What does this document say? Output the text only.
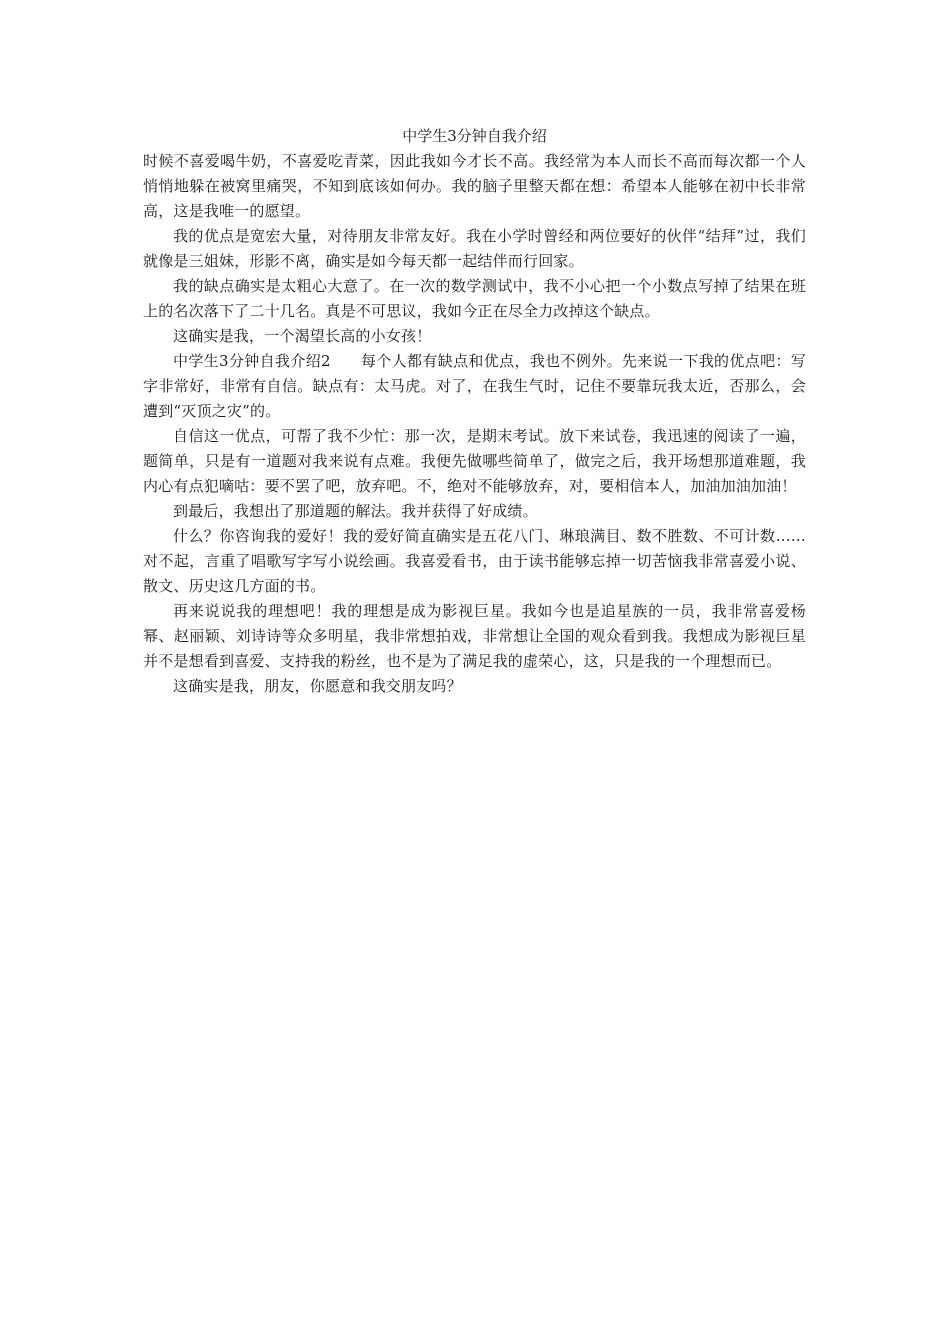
中学生3分钟自我介绍

时候不喜爱喝牛奶，不喜爱吃青菜，因此我如今才长不高。我经常为本人而长不高而每次都一个人悄悄地躲在被窝里痛哭，不知到底该如何办。我的脑子里整天都在想：希望本人能够在初中长非常高，这是我唯一的愿望。

我的优点是宽宏大量，对待朋友非常友好。我在小学时曾经和两位要好的伙伴“结拜”过，我们就像是三姐妹，形影不离，确实是如今每天都一起结伴而行回家。

我的缺点确实是太粗心大意了。在一次的数学测试中，我不小心把一个小数点写掉了结果在班上的名次落下了二十几名。真是不可思议，我如今正在尽全力改掉这个缺点。

这确实是我，一个渴望长高的小女孩！

中学生3分钟自我介绍2 每个人都有缺点和优点，我也不例外。先来说一下我的优点吧：写字非常好，非常有自信。缺点有：太马虎。对了，在我生气时，记住不要靠玩我太近，否那么，会遭到“灭顶之灾”的。

自信这一优点，可帮了我不少忙：那一次，是期末考试。放下来试卷，我迅速的阅读了一遍，题简单，只是有一道题对我来说有点难。我便先做哪些简单了，做完之后，我开场想那道难题，我内心有点犯嘀咕：要不罢了吧，放弃吧。不，绝对不能够放弃，对，要相信本人，加油加油加油！

到最后，我想出了那道题的解法。我并获得了好成绩。

什么？你咨询我的爱好！我的爱好简直确实是五花八门、琳琅满目、数不胜数、不可计数……对不起，言重了唱歌写字写小说绘画。我喜爱看书，由于读书能够忘掉一切苦恼我非常喜爱小说、散文、历史这几方面的书。

再来说说我的理想吧！我的理想是成为影视巨星。我如今也是追星族的一员，我非常喜爱杨幂、赵丽颖、刘诗诗等众多明星，我非常想拍戏，非常想让全国的观众看到我。我想成为影视巨星并不是想看到喜爱、支持我的粉丝，也不是为了满足我的虚荣心，这，只是我的一个理想而已。

这确实是我，朋友，你愿意和我交朋友吗？
